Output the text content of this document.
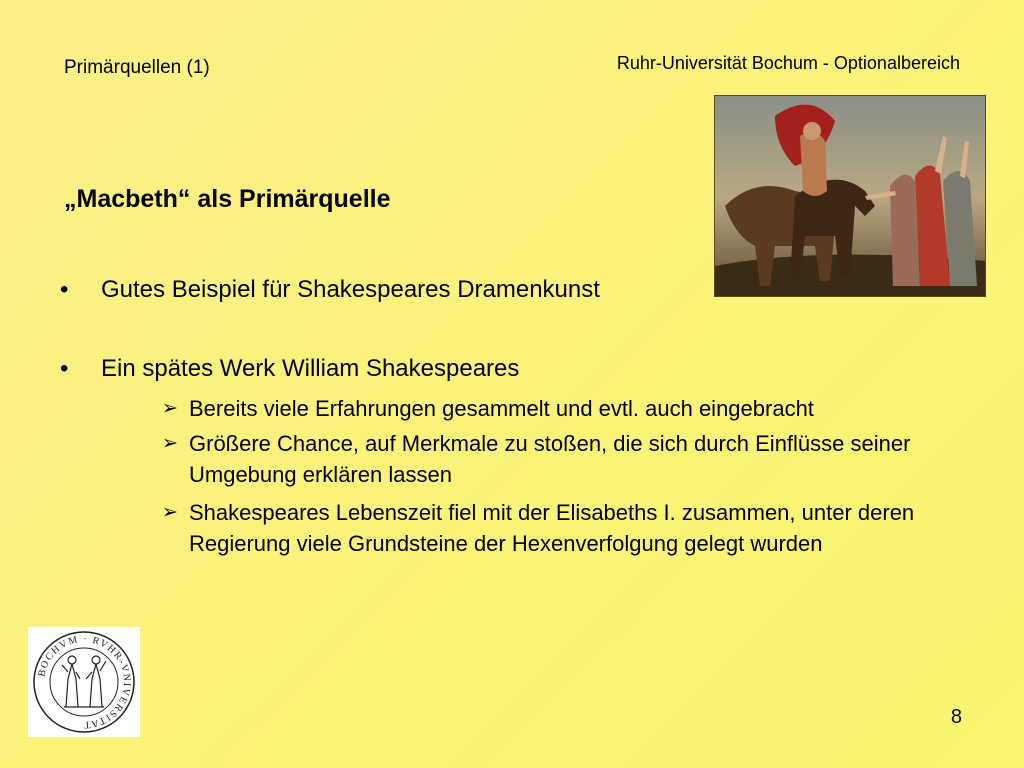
Primärquellen (1)	Ruhr-Universität Bochum - Optionalbereich
„Macbeth“ als Primärquelle
• Gutes Beispiel für Shakespeares Dramenkunst
• Ein spätes Werk William Shakespeares
➢ Bereits viele Erfahrungen gesammelt und evtl. auch eingebracht
➢ Größere Chance, auf Merkmale zu stoßen, die sich durch Einflüsse seiner Umgebung erklären lassen
➢ Shakespeares Lebenszeit fiel mit der Elisabeths I. zusammen, unter deren Regierung viele Grundsteine der Hexenverfolgung gelegt wurden
BOCHVM · RVHR-VNIVERSITAT	8
